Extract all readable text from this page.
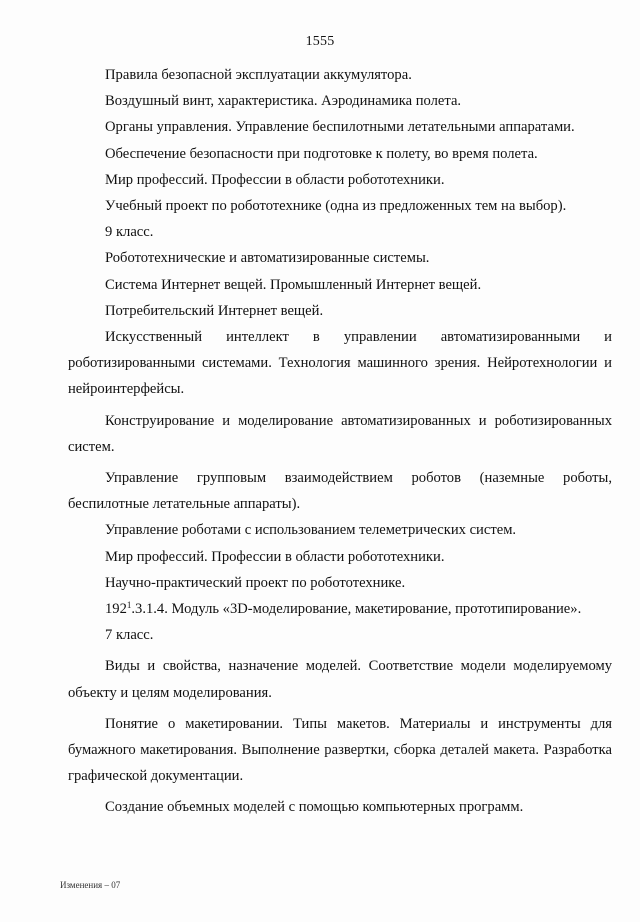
1555

Правила безопасной эксплуатации аккумулятора.

Воздушный винт, характеристика. Аэродинамика полета.

Органы управления. Управление беспилотными летательными аппаратами.

Обеспечение безопасности при подготовке к полету, во время полета.

Мир профессий. Профессии в области робототехники.

Учебный проект по робототехнике (одна из предложенных тем на выбор).

9 класс.

Робототехнические и автоматизированные системы.

Система Интернет вещей. Промышленный Интернет вещей.

Потребительский Интернет вещей.

Искусственный интеллект в управлении автоматизированными и роботизированными системами. Технология машинного зрения. Нейротехнологии и нейроинтерфейсы.

Конструирование и моделирование автоматизированных и роботизированных систем.

Управление групповым взаимодействием роботов (наземные роботы, беспилотные летательные аппараты).

Управление роботами с использованием телеметрических систем.

Мир профессий. Профессии в области робототехники.

Научно-практический проект по робототехнике.

$192^1.3.1.4$. Модуль «3D-моделирование, макетирование, прототипирование».

7 класс.

Виды и свойства, назначение моделей. Соответствие модели моделируемому объекту и целям моделирования.

Понятие о макетировании. Типы макетов. Материалы и инструменты для бумажного макетирования. Выполнение развертки, сборка деталей макета. Разработка графической документации.

Создание объемных моделей с помощью компьютерных программ.

Изменения – 07
